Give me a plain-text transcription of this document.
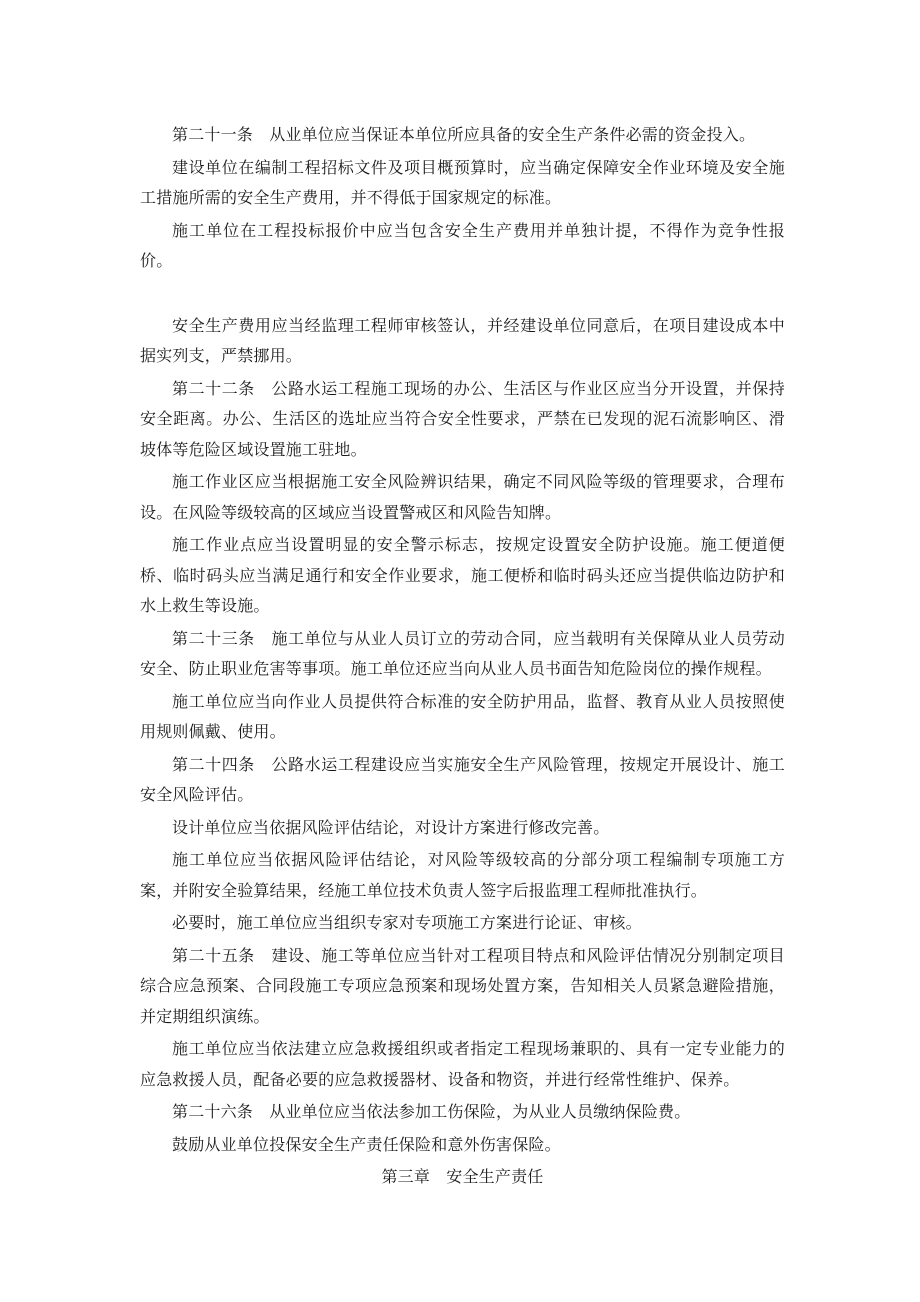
第二十一条　从业单位应当保证本单位所应具备的安全生产条件必需的资金投入。

建设单位在编制工程招标文件及项目概预算时，应当确定保障安全作业环境及安全施工措施所需的安全生产费用，并不得低于国家规定的标准。

施工单位在工程投标报价中应当包含安全生产费用并单独计提，不得作为竞争性报价。

安全生产费用应当经监理工程师审核签认，并经建设单位同意后，在项目建设成本中据实列支，严禁挪用。

第二十二条　公路水运工程施工现场的办公、生活区与作业区应当分开设置，并保持安全距离。办公、生活区的选址应当符合安全性要求，严禁在已发现的泥石流影响区、滑坡体等危险区域设置施工驻地。

施工作业区应当根据施工安全风险辨识结果，确定不同风险等级的管理要求，合理布设。在风险等级较高的区域应当设置警戒区和风险告知牌。

施工作业点应当设置明显的安全警示标志，按规定设置安全防护设施。施工便道便桥、临时码头应当满足通行和安全作业要求，施工便桥和临时码头还应当提供临边防护和水上救生等设施。

第二十三条　施工单位与从业人员订立的劳动合同，应当载明有关保障从业人员劳动安全、防止职业危害等事项。施工单位还应当向从业人员书面告知危险岗位的操作规程。

施工单位应当向作业人员提供符合标准的安全防护用品，监督、教育从业人员按照使用规则佩戴、使用。

第二十四条　公路水运工程建设应当实施安全生产风险管理，按规定开展设计、施工安全风险评估。

设计单位应当依据风险评估结论，对设计方案进行修改完善。

施工单位应当依据风险评估结论，对风险等级较高的分部分项工程编制专项施工方案，并附安全验算结果，经施工单位技术负责人签字后报监理工程师批准执行。

必要时，施工单位应当组织专家对专项施工方案进行论证、审核。

第二十五条　建设、施工等单位应当针对工程项目特点和风险评估情况分别制定项目综合应急预案、合同段施工专项应急预案和现场处置方案，告知相关人员紧急避险措施，并定期组织演练。

施工单位应当依法建立应急救援组织或者指定工程现场兼职的、具有一定专业能力的应急救援人员，配备必要的应急救援器材、设备和物资，并进行经常性维护、保养。

第二十六条　从业单位应当依法参加工伤保险，为从业人员缴纳保险费。

鼓励从业单位投保安全生产责任保险和意外伤害保险。

第三章　安全生产责任
